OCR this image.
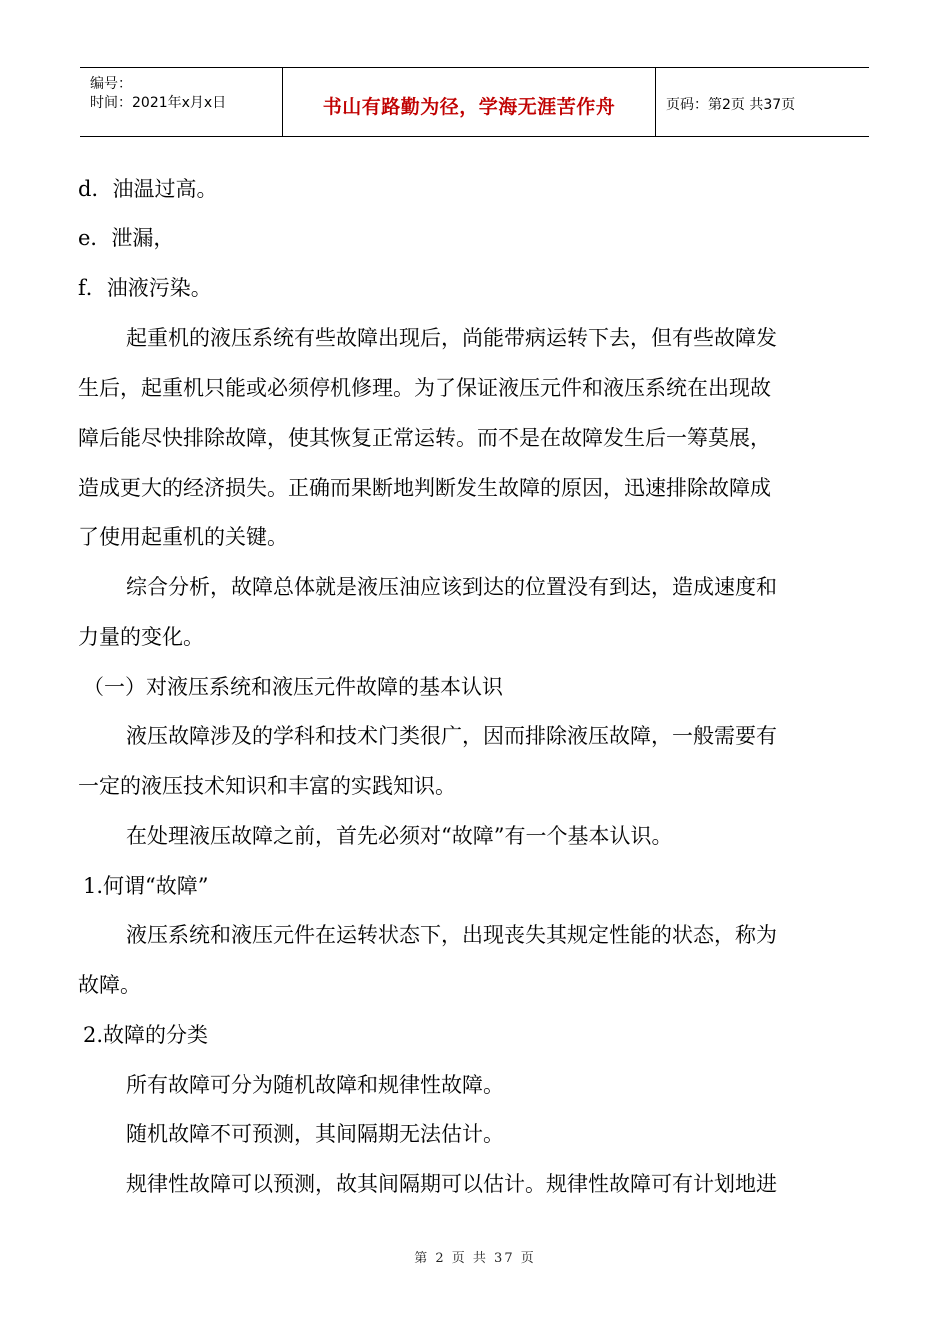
编号：
时间：2021年x月x日	书山有路勤为径，学海无涯苦作舟	页码：第2页 共37页
d．油温过高。
e．泄漏，
f．油液污染。
起重机的液压系统有些故障出现后，尚能带病运转下去，但有些故障发
生后，起重机只能或必须停机修理。为了保证液压元件和液压系统在出现故
障后能尽快排除故障，使其恢复正常运转。而不是在故障发生后一筹莫展，
造成更大的经济损失。正确而果断地判断发生故障的原因，迅速排除故障成
了使用起重机的关键。
综合分析，故障总体就是液压油应该到达的位置没有到达，造成速度和
力量的变化。
（一）对液压系统和液压元件故障的基本认识
液压故障涉及的学科和技术门类很广，因而排除液压故障，一般需要有
一定的液压技术知识和丰富的实践知识。
在处理液压故障之前，首先必须对“故障”有一个基本认识。
1.何谓“故障”
液压系统和液压元件在运转状态下，出现丧失其规定性能的状态，称为
故障。
2.故障的分类
所有故障可分为随机故障和规律性故障。
随机故障不可预测，其间隔期无法估计。
规律性故障可以预测，故其间隔期可以估计。规律性故障可有计划地进
第 2 页 共 37 页
